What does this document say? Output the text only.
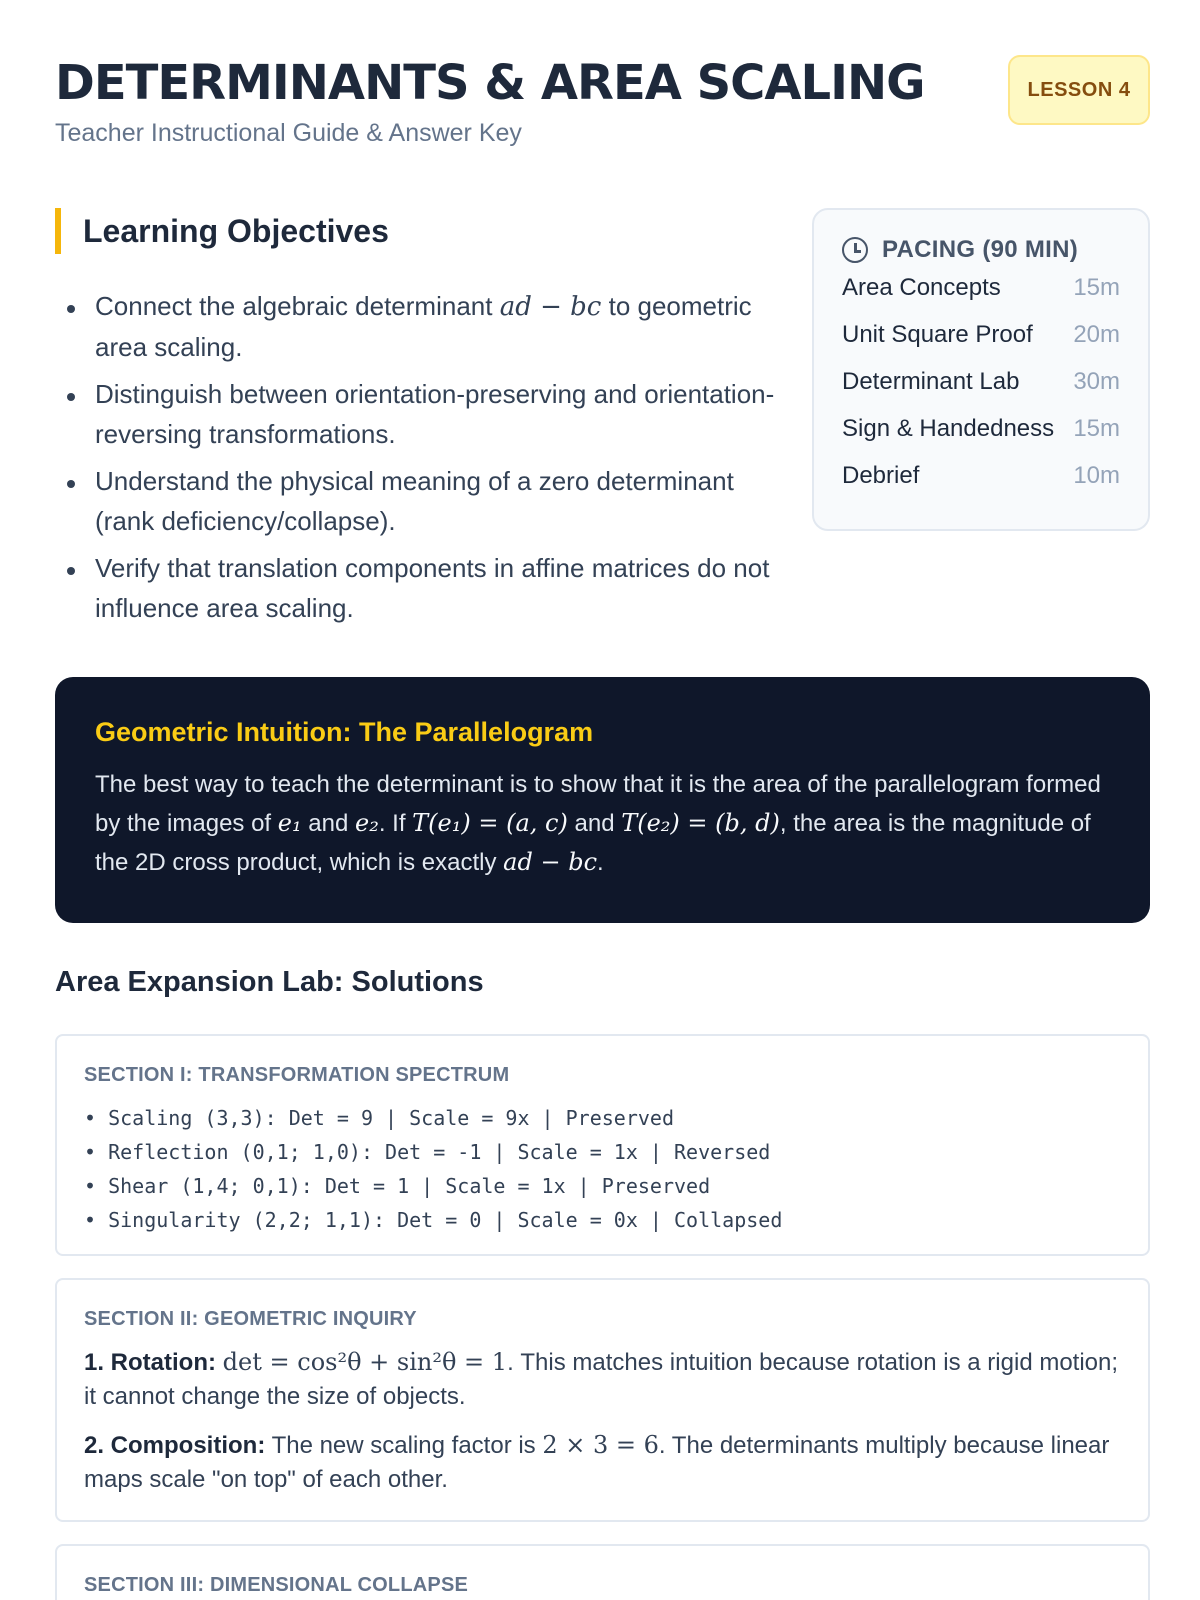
DETERMINANTS & AREA SCALING
Teacher Instructional Guide & Answer Key
LESSON 4
Learning Objectives
Connect the algebraic determinant ad − bc to geometric area scaling.
Distinguish between orientation-preserving and orientation-reversing transformations.
Understand the physical meaning of a zero determinant (rank deficiency/collapse).
Verify that translation components in affine matrices do not influence area scaling.
PACING (90 MIN)
Area Concepts	15m
Unit Square Proof 20m
Determinant Lab 30m
Sign & Handedness 15m
Debrief	10m
Geometric Intuition: The Parallelogram

The best way to teach the determinant is to show that it is the area of the parallelogram formed by the images of e₁ and e₂. If T(e₁) = (a, c) and T(e₂) = (b, d), the area is the magnitude of the 2D cross product, which is exactly ad − bc.

Area Expansion Lab: Solutions
SECTION I: TRANSFORMATION SPECTRUM
• Scaling (3,3): Det = 9 | Scale = 9x | Preserved
• Reflection (0,1; 1,0): Det = -1 | Scale = 1x | Reversed
• Shear (1,4; 0,1): Det = 1 | Scale = 1x | Preserved
• Singularity (2,2; 1,1): Det = 0 | Scale = 0x | Collapsed
SECTION II: GEOMETRIC INQUIRY

1. Rotation: det = cos²θ + sin²θ = 1. This matches intuition because rotation is a rigid motion; it cannot change the size of objects.

2. Composition: The new scaling factor is 2 × 3 = 6. The determinants multiply because linear maps scale "on top" of each other.

SECTION III: DIMENSIONAL COLLAPSE
